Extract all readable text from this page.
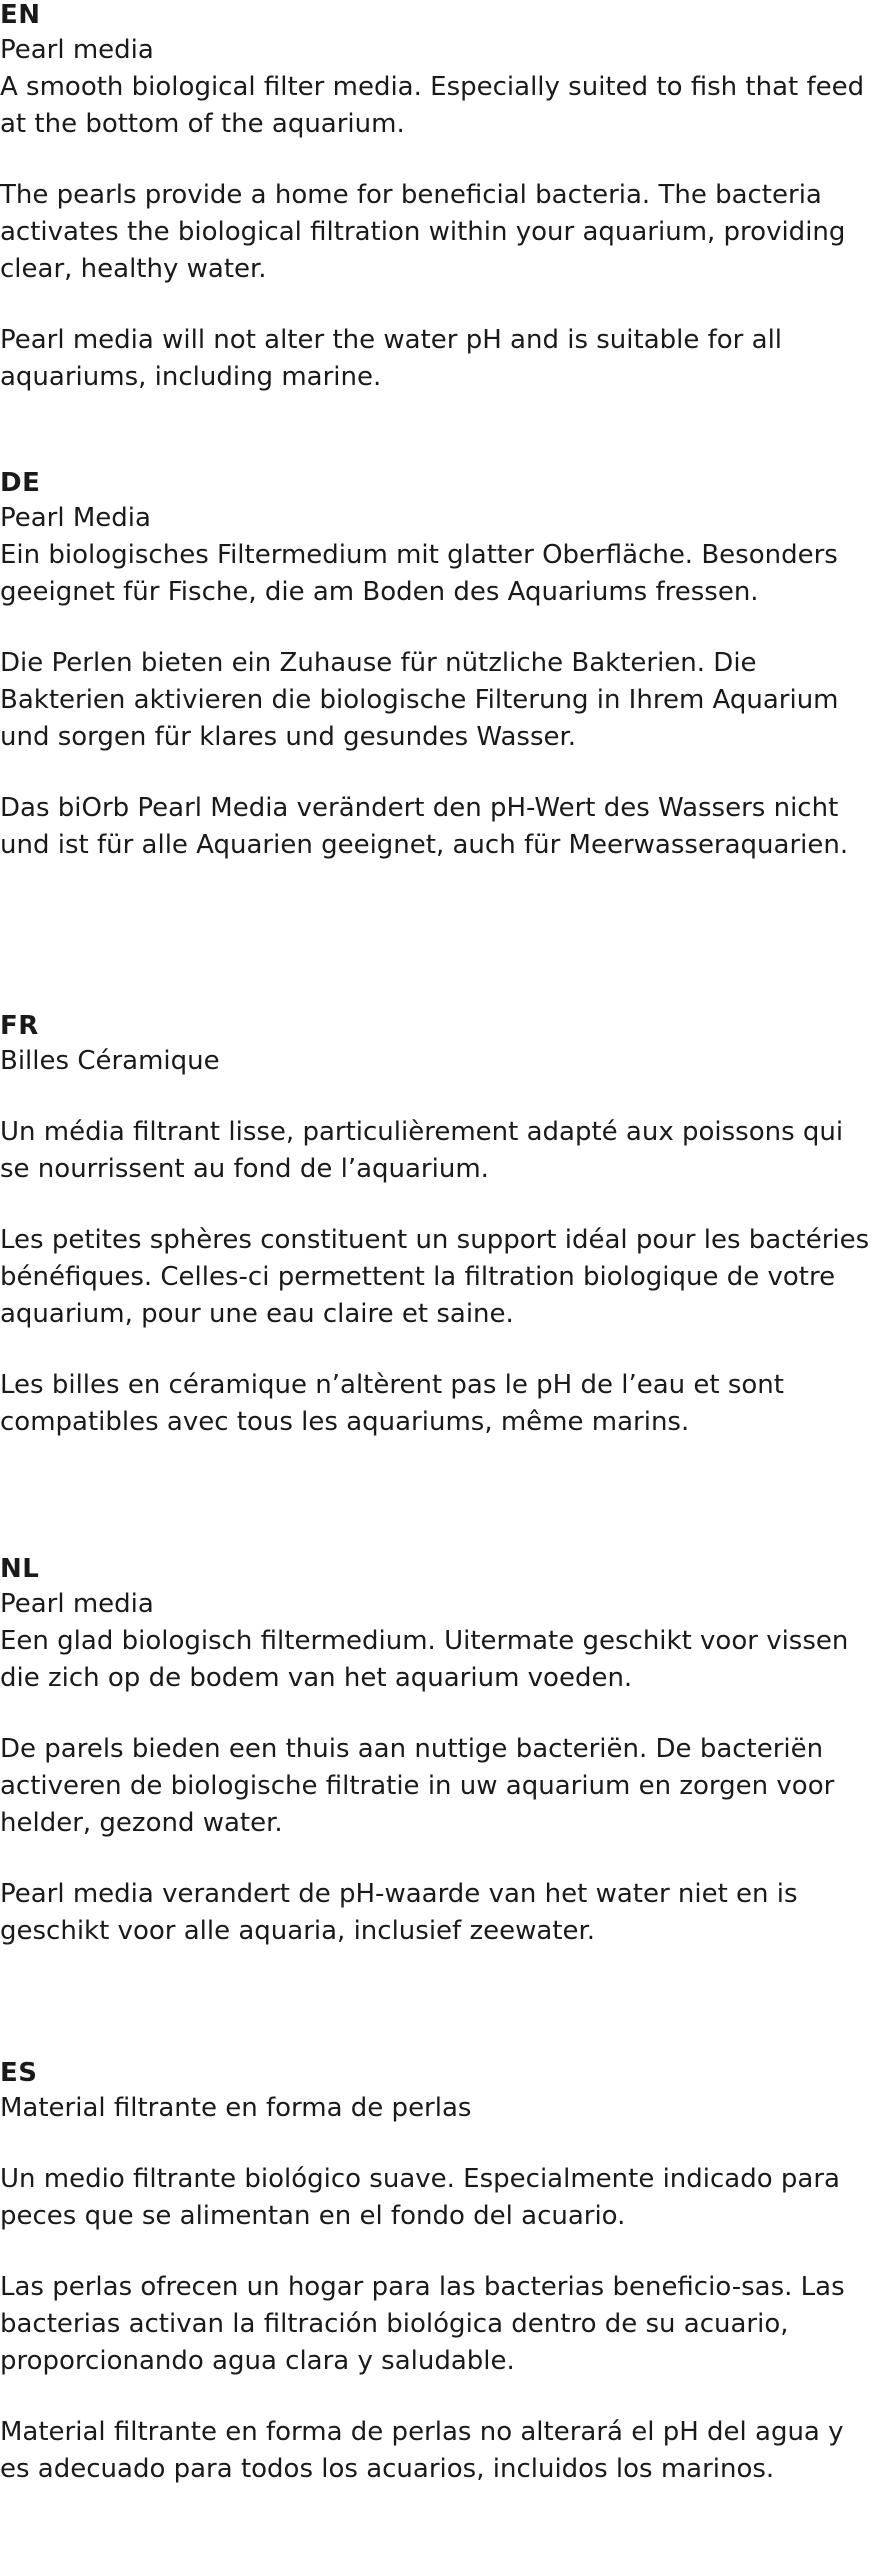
EN
Pearl media
A smooth biological filter media. Especially suited to fish that feed at the bottom of the aquarium.
The pearls provide a home for beneficial bacteria. The bacteria activates the biological filtration within your aquarium, providing clear, healthy water.
Pearl media will not alter the water pH and is suitable for all aquariums, including marine.
DE
Pearl Media
Ein biologisches Filtermedium mit glatter Oberfläche. Besonders geeignet für Fische, die am Boden des Aquariums fressen.
Die Perlen bieten ein Zuhause für nützliche Bakterien. Die Bakterien aktivieren die biologische Filterung in Ihrem Aquarium und sorgen für klares und gesundes Wasser.
Das biOrb Pearl Media verändert den pH-Wert des Wassers nicht und ist für alle Aquarien geeignet, auch für Meerwasseraquarien.
FR
Billes Céramique
Un média filtrant lisse, particulièrement adapté aux poissons qui se nourrissent au fond de l’aquarium.
Les petites sphères constituent un support idéal pour les bactéries bénéfiques. Celles-ci permettent la filtration biologique de votre aquarium, pour une eau claire et saine.
Les billes en céramique n’altèrent pas le pH de l’eau et sont compatibles avec tous les aquariums, même marins.
NL
Pearl media
Een glad biologisch filtermedium. Uitermate geschikt voor vissen die zich op de bodem van het aquarium voeden.
De parels bieden een thuis aan nuttige bacteriën. De bacteriën activeren de biologische filtratie in uw aquarium en zorgen voor helder, gezond water.
Pearl media verandert de pH-waarde van het water niet en is geschikt voor alle aquaria, inclusief zeewater.
ES
Material filtrante en forma de perlas
Un medio filtrante biológico suave. Especialmente indicado para peces que se alimentan en el fondo del acuario.
Las perlas ofrecen un hogar para las bacterias beneficio-sas. Las bacterias activan la filtración biológica dentro de su acuario, proporcionando agua clara y saludable.
Material filtrante en forma de perlas no alterará el pH del agua y es adecuado para todos los acuarios, incluidos los marinos.
